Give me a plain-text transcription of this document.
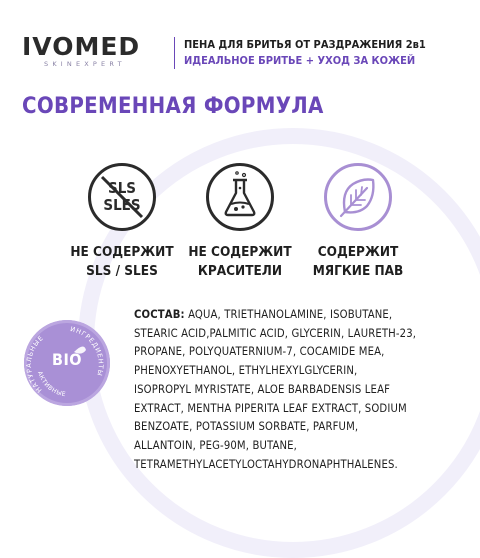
IVOMED
SKINEXPERT
ПЕНА ДЛЯ БРИТЬЯ ОТ РАЗДРАЖЕНИЯ 2в1
ИДЕАЛЬНОЕ БРИТЬЕ + УХОД ЗА КОЖЕЙ
СОВРЕМЕННАЯ ФОРМУЛА
SLS
SLES
НЕ СОДЕРЖИТ
SLS / SLES
НЕ СОДЕРЖИТ
КРАСИТЕЛИ
СОДЕРЖИТ
МЯГКИЕ ПАВ
НАТУРАЛЬНЫЕ
ИНГРЕДИЕНТЫ
АКТИВНЫЕ
BIO
СОСТАВ: AQUA, TRIETHANOLAMINE, ISOBUTANE,
STEARIC ACID,PALMITIC ACID, GLYCERIN, LAURETH-23,
PROPANE, POLYQUATERNIUM-7, COCAMIDE MEA,
PHENOXYETHANOL, ETHYLHEXYLGLYCERIN,
ISOPROPYL MYRISTATE, ALOE BARBADENSIS LEAF
EXTRACT, MENTHA PIPERITA LEAF EXTRACT, SODIUM
BENZOATE, POTASSIUM SORBATE, PARFUM,
ALLANTOIN, PEG-90M, BUTANE,
TETRAMETHYLACETYLOCTAHYDRONAPHTHALENES.
